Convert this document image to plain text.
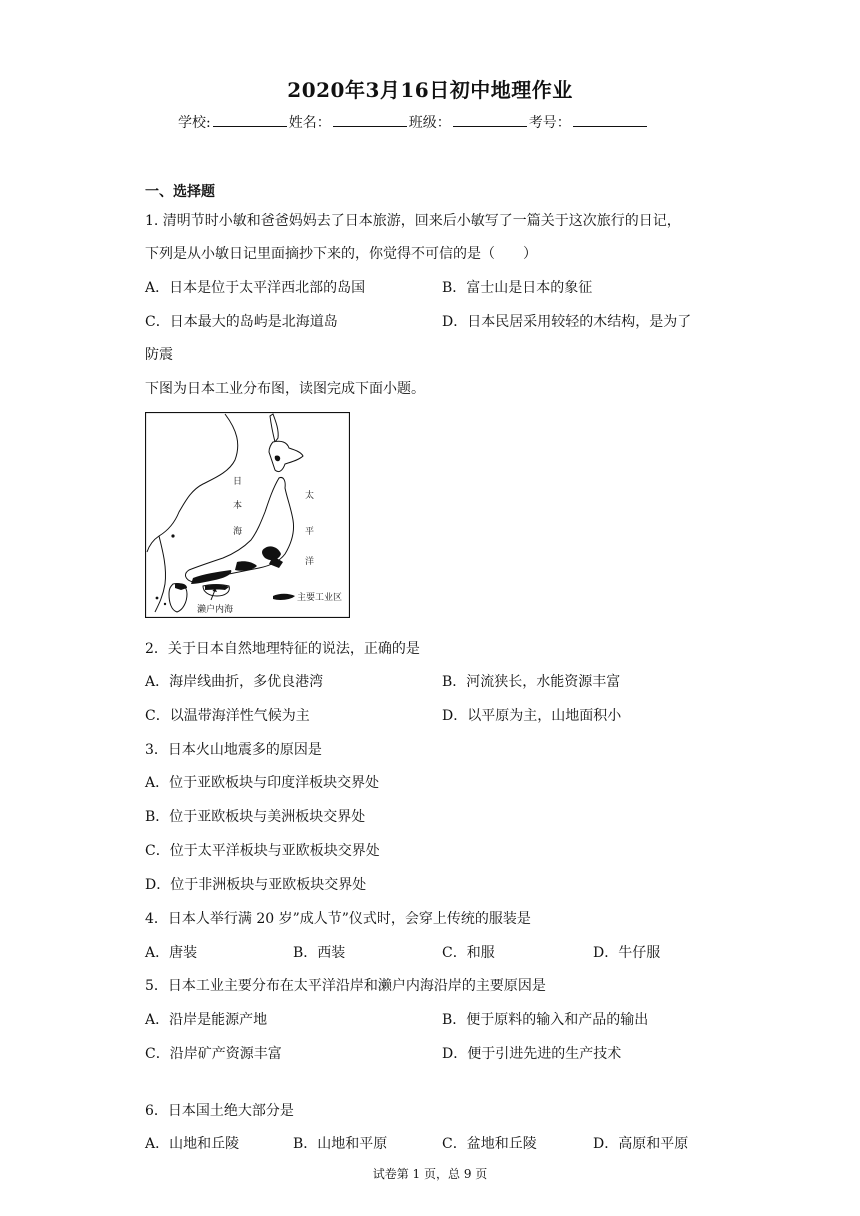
2020年3月16日初中地理作业
学校:	姓名：	班级：	考号：
一、选择题
1. 清明节时小敏和爸爸妈妈去了日本旅游，回来后小敏写了一篇关于这次旅行的日记，
下列是从小敏日记里面摘抄下来的，你觉得不可信的是（　　）
A．日本是位于太平洋西北部的岛国	B．富士山是日本的象征
C．日本最大的岛屿是北海道岛	D．日本民居采用较轻的木结构，是为了
防震
下图为日本工业分布图，读图完成下面小题。
日
本
海
太
平
洋
濑户内海
主要工业区
2．关于日本自然地理特征的说法，正确的是
A．海岸线曲折，多优良港湾	B．河流狭长，水能资源丰富
C．以温带海洋性气候为主	D．以平原为主，山地面积小
3．日本火山地震多的原因是
A．位于亚欧板块与印度洋板块交界处
B．位于亚欧板块与美洲板块交界处
C．位于太平洋板块与亚欧板块交界处
D．位于非洲板块与亚欧板块交界处
4．日本人举行满 20 岁”成人节”仪式时，会穿上传统的服装是
A．唐装	B．西装	C．和服	D．牛仔服
5．日本工业主要分布在太平洋沿岸和濑户内海沿岸的主要原因是
A．沿岸是能源产地	B．便于原料的输入和产品的输出
C．沿岸矿产资源丰富	D．便于引进先进的生产技术
6．日本国土绝大部分是
A．山地和丘陵	B．山地和平原	C．盆地和丘陵	D．高原和平原
试卷第 1 页，总 9 页
